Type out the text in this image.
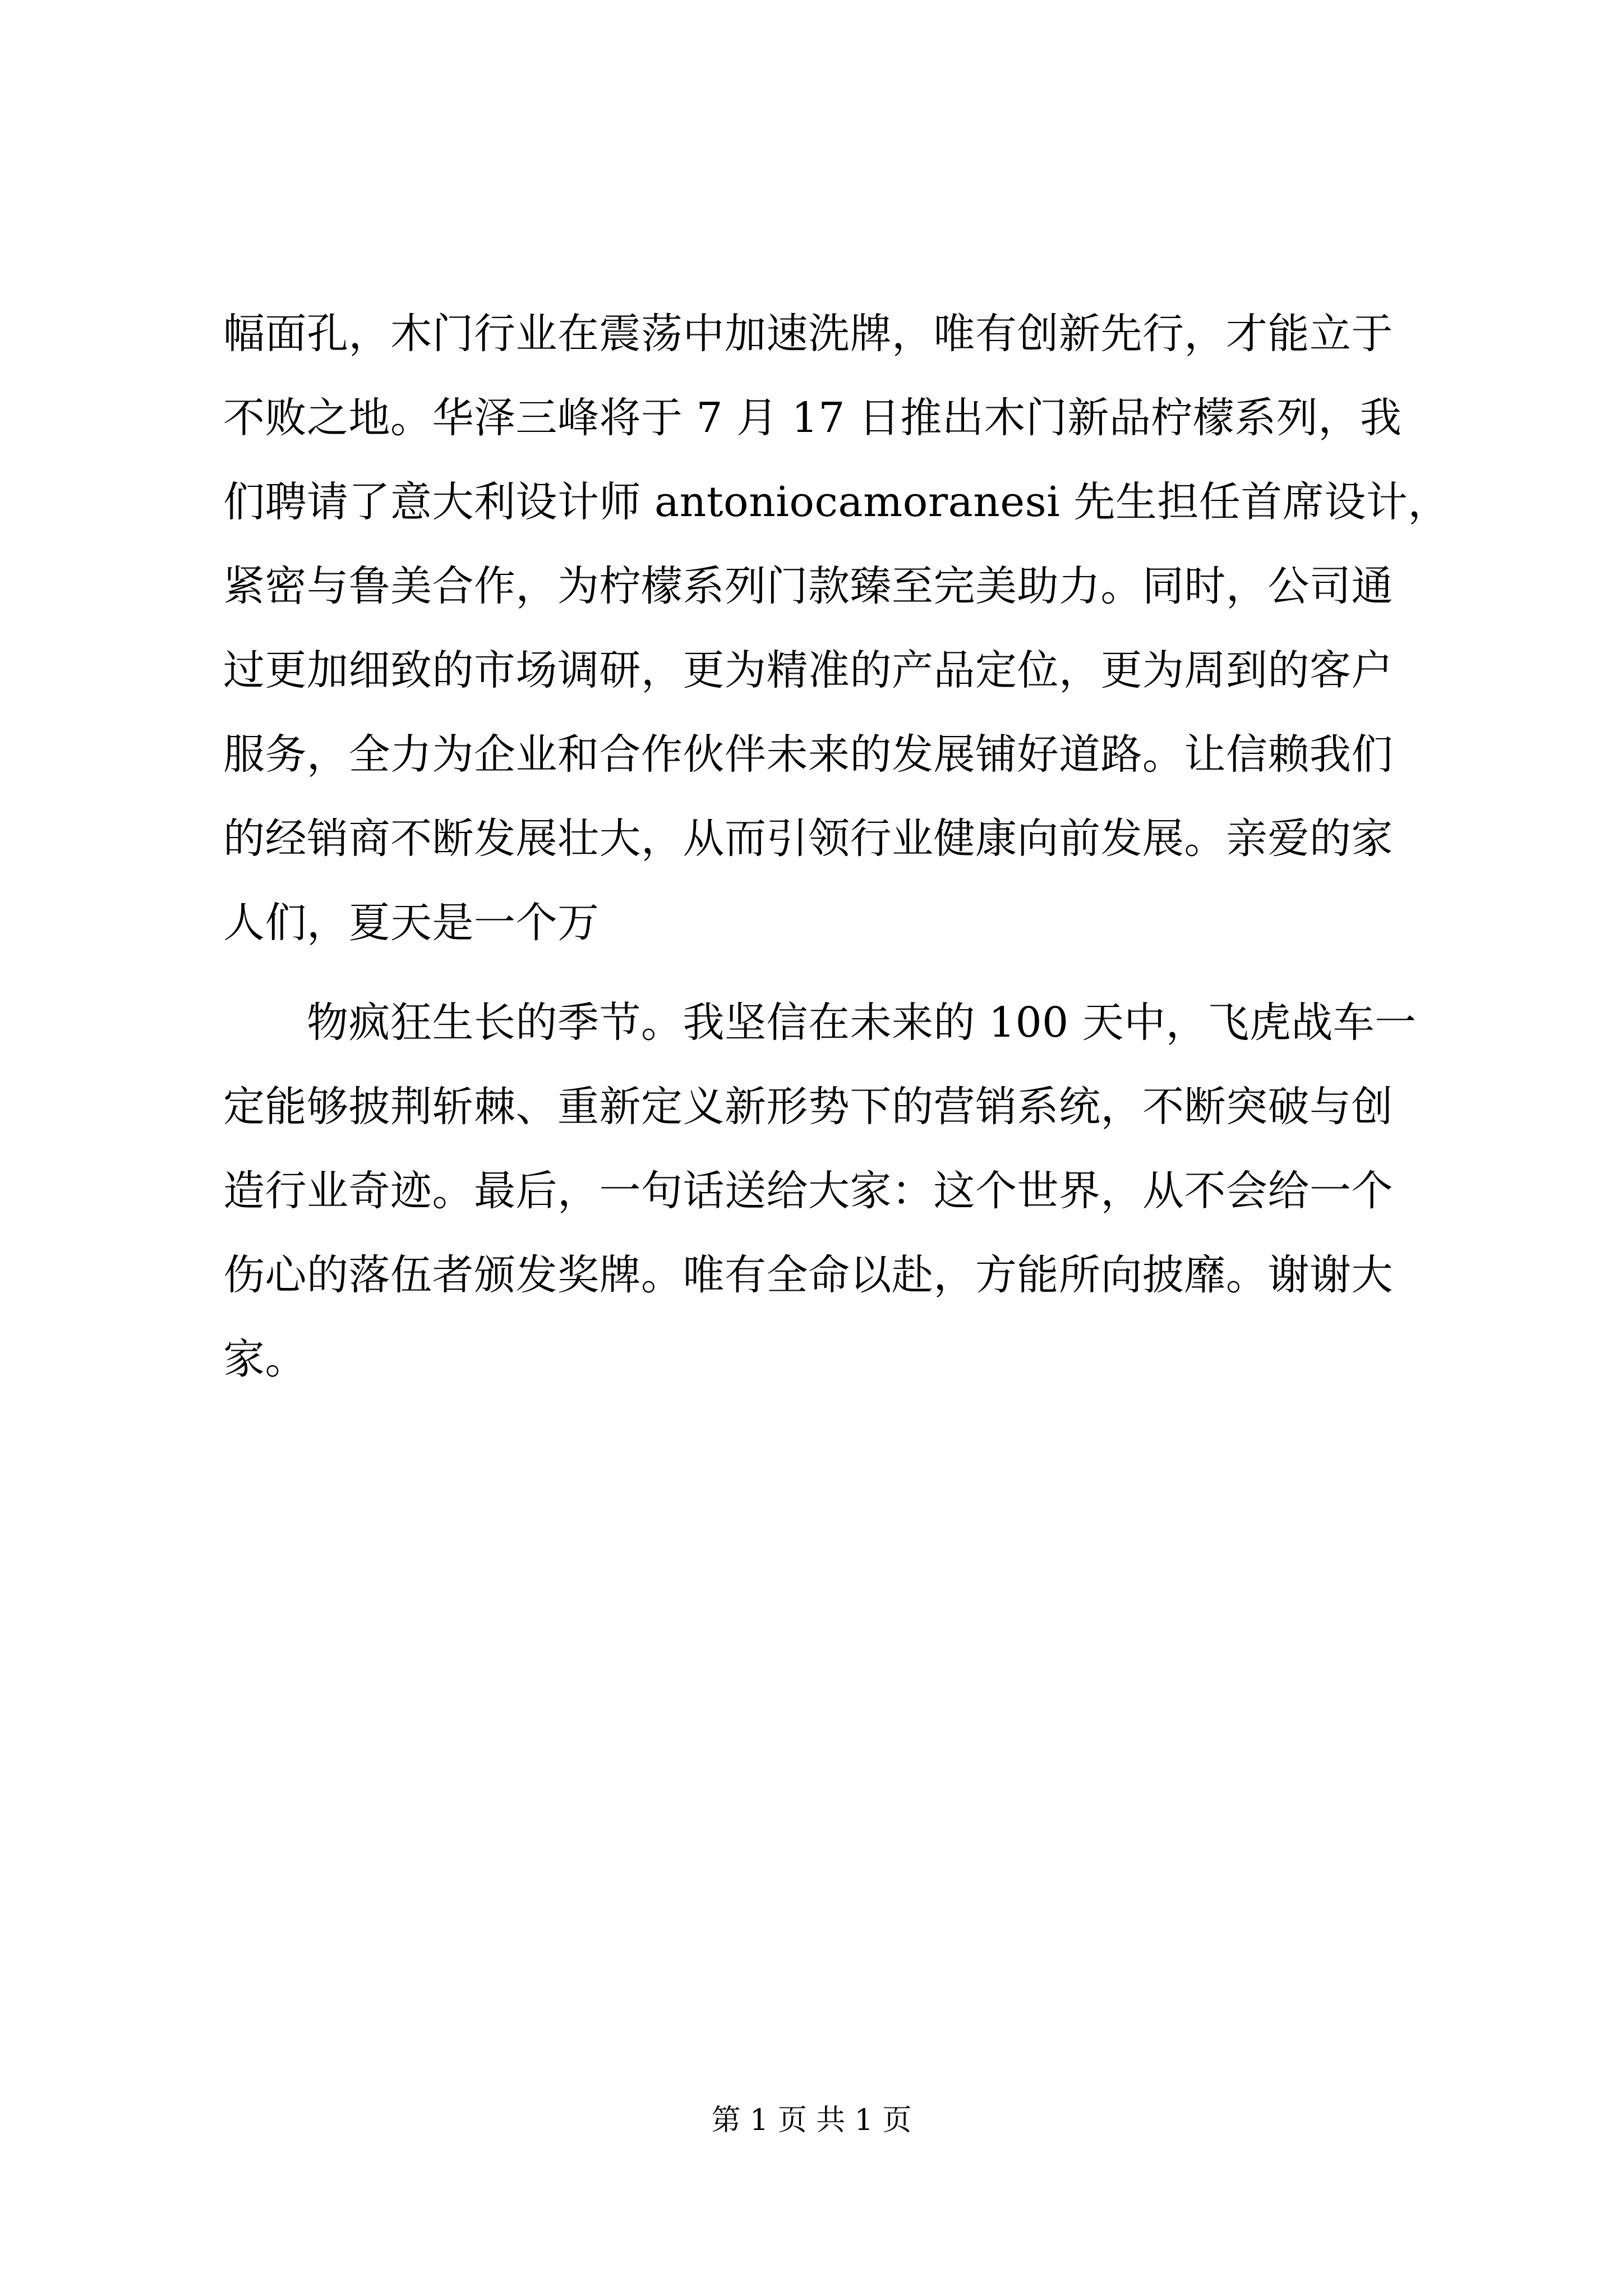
幅面孔，木门行业在震荡中加速洗牌，唯有创新先行，才能立于
不败之地。华泽三峰将于 7 月 17 日推出木门新品柠檬系列，我
们聘请了意大利设计师 antoniocamoranesi 先生担任首席设计，
紧密与鲁美合作，为柠檬系列门款臻至完美助力。同时，公司通
过更加细致的市场调研，更为精准的产品定位，更为周到的客户
服务，全力为企业和合作伙伴未来的发展铺好道路。让信赖我们
的经销商不断发展壮大，从而引领行业健康向前发展。亲爱的家
人们，夏天是一个万
　　物疯狂生长的季节。我坚信在未来的 100 天中，飞虎战车一
定能够披荆斩棘、重新定义新形势下的营销系统，不断突破与创
造行业奇迹。最后，一句话送给大家：这个世界，从不会给一个
伤心的落伍者颁发奖牌。唯有全命以赴，方能所向披靡。谢谢大
家。
第 1 页 共 1 页
